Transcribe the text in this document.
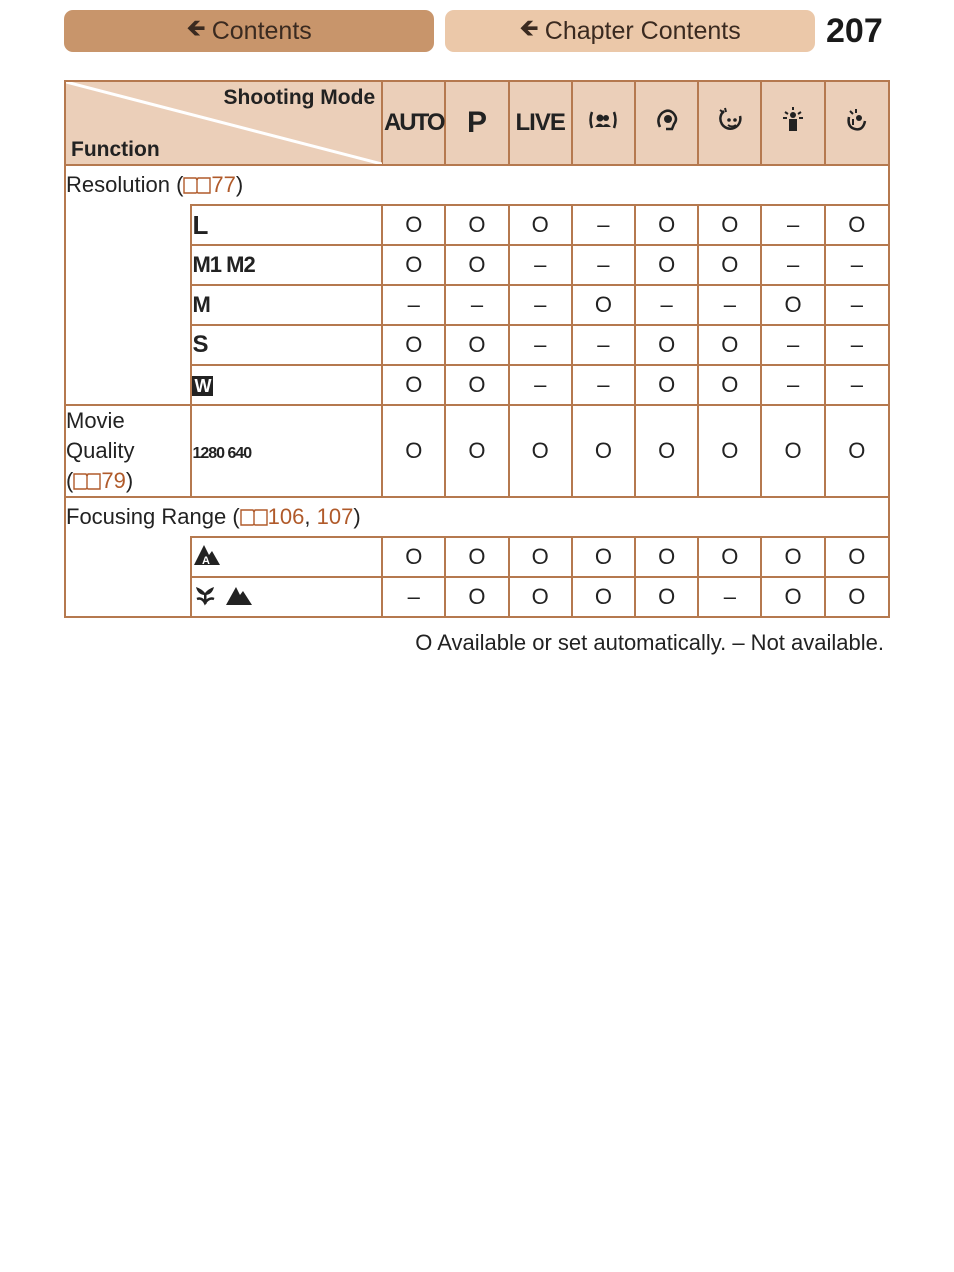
🡸 Contents	🡸 Chapter Contents	207
Shooting Mode
Function		AUTO	P	LIVE					
Resolution ( 77)									
	L	O	O	O	–	O	O	–	O
	M1 M2	O	O	–	–	O	O	–	–
	M	–	–	–	O	–	–	O	–
	S	O	O	–	–	O	O	–	–
	W	O	O	–	–	O	O	–	–
Movie
Quality
( 79)	1280 640	O	O	O	O	O	O	O	O
Focusing Range ( 106, 107)									

A	O	O	O	O	O	O	O	O
	–	O	O	O	O	–	O	O
O Available or set automatically. – Not available.
